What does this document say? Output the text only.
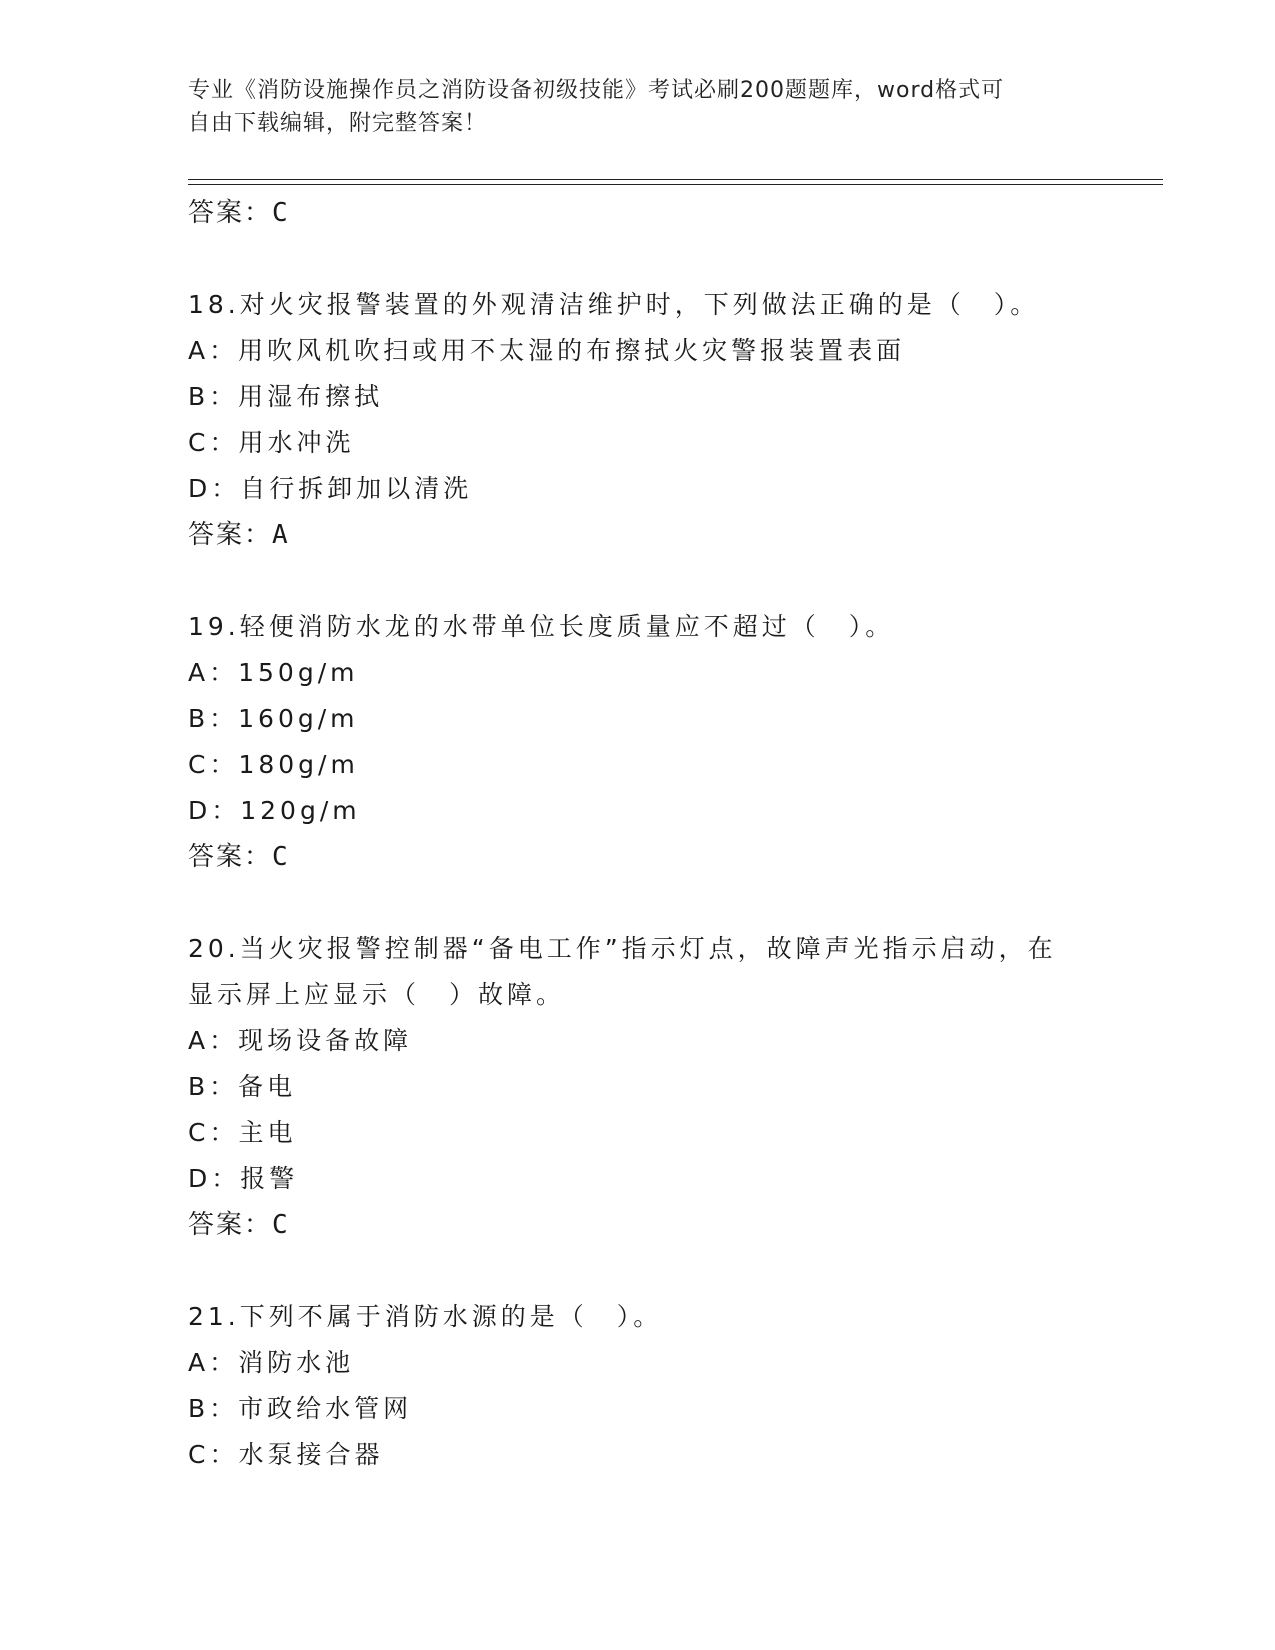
专业《消防设施操作员之消防设备初级技能》考试必刷200题题库，word格式可
自由下载编辑，附完整答案！
答案：C
18.对火灾报警装置的外观清洁维护时，下列做法正确的是（　）。
A：用吹风机吹扫或用不太湿的布擦拭火灾警报装置表面
B：用湿布擦拭
C：用水冲洗
D：自行拆卸加以清洗
答案：A
19.轻便消防水龙的水带单位长度质量应不超过（　）。
A：150g/m
B：160g/m
C：180g/m
D：120g/m
答案：C
20.当火灾报警控制器“备电工作”指示灯点，故障声光指示启动，在
显示屏上应显示（　）故障。
A：现场设备故障
B：备电
C：主电
D：报警
答案：C
21.下列不属于消防水源的是（　）。
A：消防水池
B：市政给水管网
C：水泵接合器
